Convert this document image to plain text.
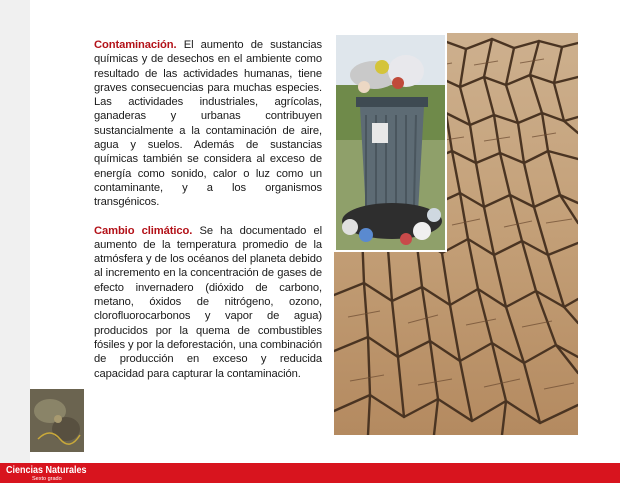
Contaminación. El aumento de sustancias químicas y de desechos en el ambiente como resultado de las actividades humanas, tiene graves consecuencias para muchas especies. Las actividades industriales, agrícolas, ganaderas y urbanas contribuyen sustancialmente a la contaminación de aire, agua y suelos. Además de sustancias químicas también se considera al exceso de energía como sonido, calor o luz como un contaminante, y a los organismos transgénicos.

Cambio climático. Se ha documentado el aumento de la temperatura promedio de la atmósfera y de los océanos del planeta debido al incremento en la concentración de gases de efecto invernadero (dióxido de carbono, metano, óxidos de nitrógeno, ozono, clorofluorocarbonos y vapor de agua) producidos por la quema de combustibles fósiles y por la deforestación, una combinación de producción en exceso y reducida capacidad para capturar la contaminación.

Ciencias Naturales
Sexto grado
